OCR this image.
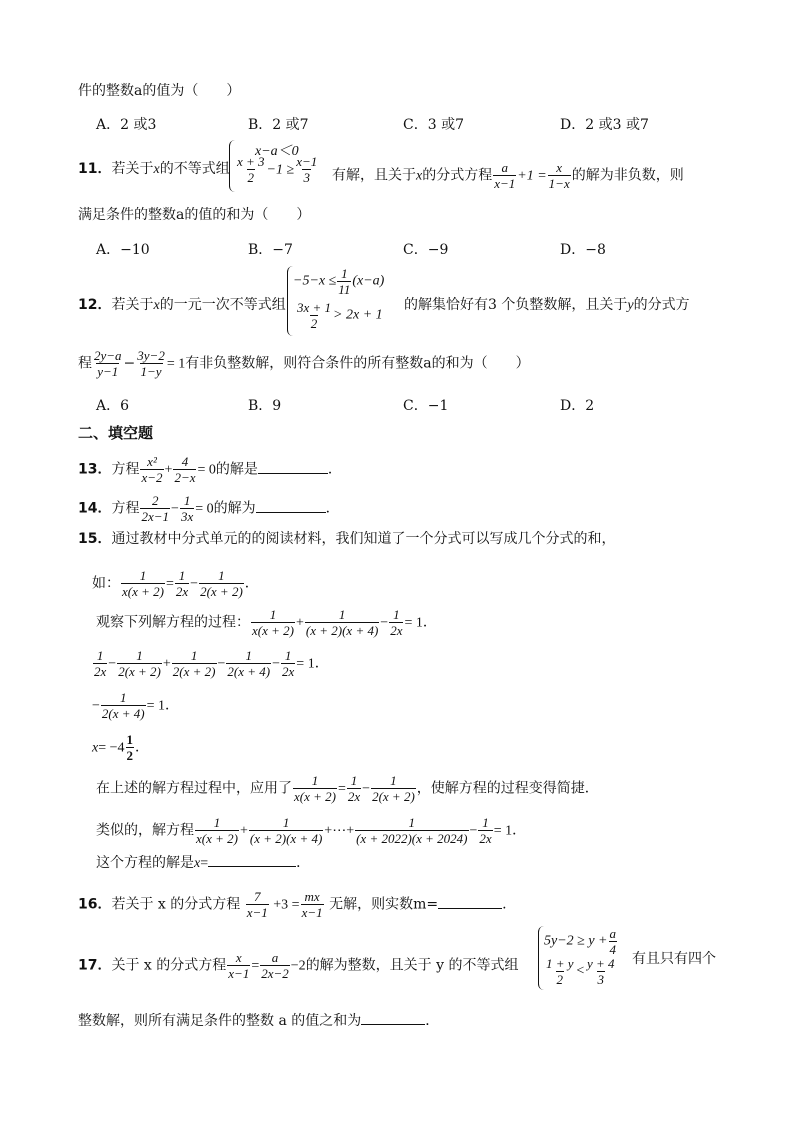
件的整数a的值为（　　）
A．2 或3	B．2 或7	C．3 或7	D．2 或3 或7
11．若关于x的不等式组
x−a＜0
$\frac{x + 3}{2} -1 \ge \frac{x-1}{3}$ 有解，且关于x的分式方程 $\frac{a}{x-1} +1 = \frac{x}{1-x}$ 的解为非负数，则
满足条件的整数a的值的和为（　　）
A．−10	B．−7	C．−9	D．−8
12．若关于x的一元一次不等式组
$-5-x \le \frac{1}{11} (x-a)$
$\frac{3x + 1}{2} > 2x + 1$
的解集恰好有3 个负整数解，且关于y的分式方
程 $\frac{2y-a}{y-1} - \frac{3y-2}{1-y} = 1$有非负整数解，则符合条件的所有整数a的和为（　　）
A．6	B．9	C．−1	D．2
二、填空题
13．方程 $\frac{\text{x²}}{x-2} + \frac{4}{2-x} = 0$的解是	．
14．方程 $\frac{2}{2x-1} - \frac{1}{3x} = 0$的解为	．
15．通过教材中分式单元的的阅读材料，我们知道了一个分式可以写成几个分式的和，
如： $\frac{1}{x(x + 2)} = \frac{1}{2x} - \frac{1}{2(x + 2)}$ ．
观察下列解方程的过程： $\frac{1}{x(x + 2)} + \frac{1}{(x + 2)(x + 4)} - \frac{1}{2x} = 1$．
$\frac{1}{2x} - \frac{1}{2(x + 2)} + \frac{1}{2(x + 2)} - \frac{1}{2(x + 4)} - \frac{1}{2x} = 1$．
− $\frac{1}{2(x + 4)} = 1$．
$x= -4 \frac{1}{2}$ ．
在上述的解方程过程中，应用了 $\frac{1}{x(x + 2)} = \frac{1}{2x} - \frac{1}{2(x + 2)}$ ，使解方程的过程变得简捷．
类似的，解方程 $\frac{1}{x(x + 2)} + \frac{1}{(x + 2)(x + 4)}$ +⋯+ $\frac{1}{(x + 2022)(x + 2024)} - \frac{1}{2x} = 1$．
这个方程的解是x=	．
16．若关于 x 的分式方程 $\frac{7}{x-1} +3 = \frac{mx}{x-1}$ 无解，则实数m=	.
17．关于 x 的分式方程 $\frac{x}{x-1} = \frac{a}{2x-2} -2$的解为整数，且关于 y 的不等式组
$5y-2 \ge y + \frac{a}{4}$
$\frac{1 + y}{2} < \frac{y + 4}{3}$ 有且只有四个
整数解，则所有满足条件的整数 a 的值之和为	．
